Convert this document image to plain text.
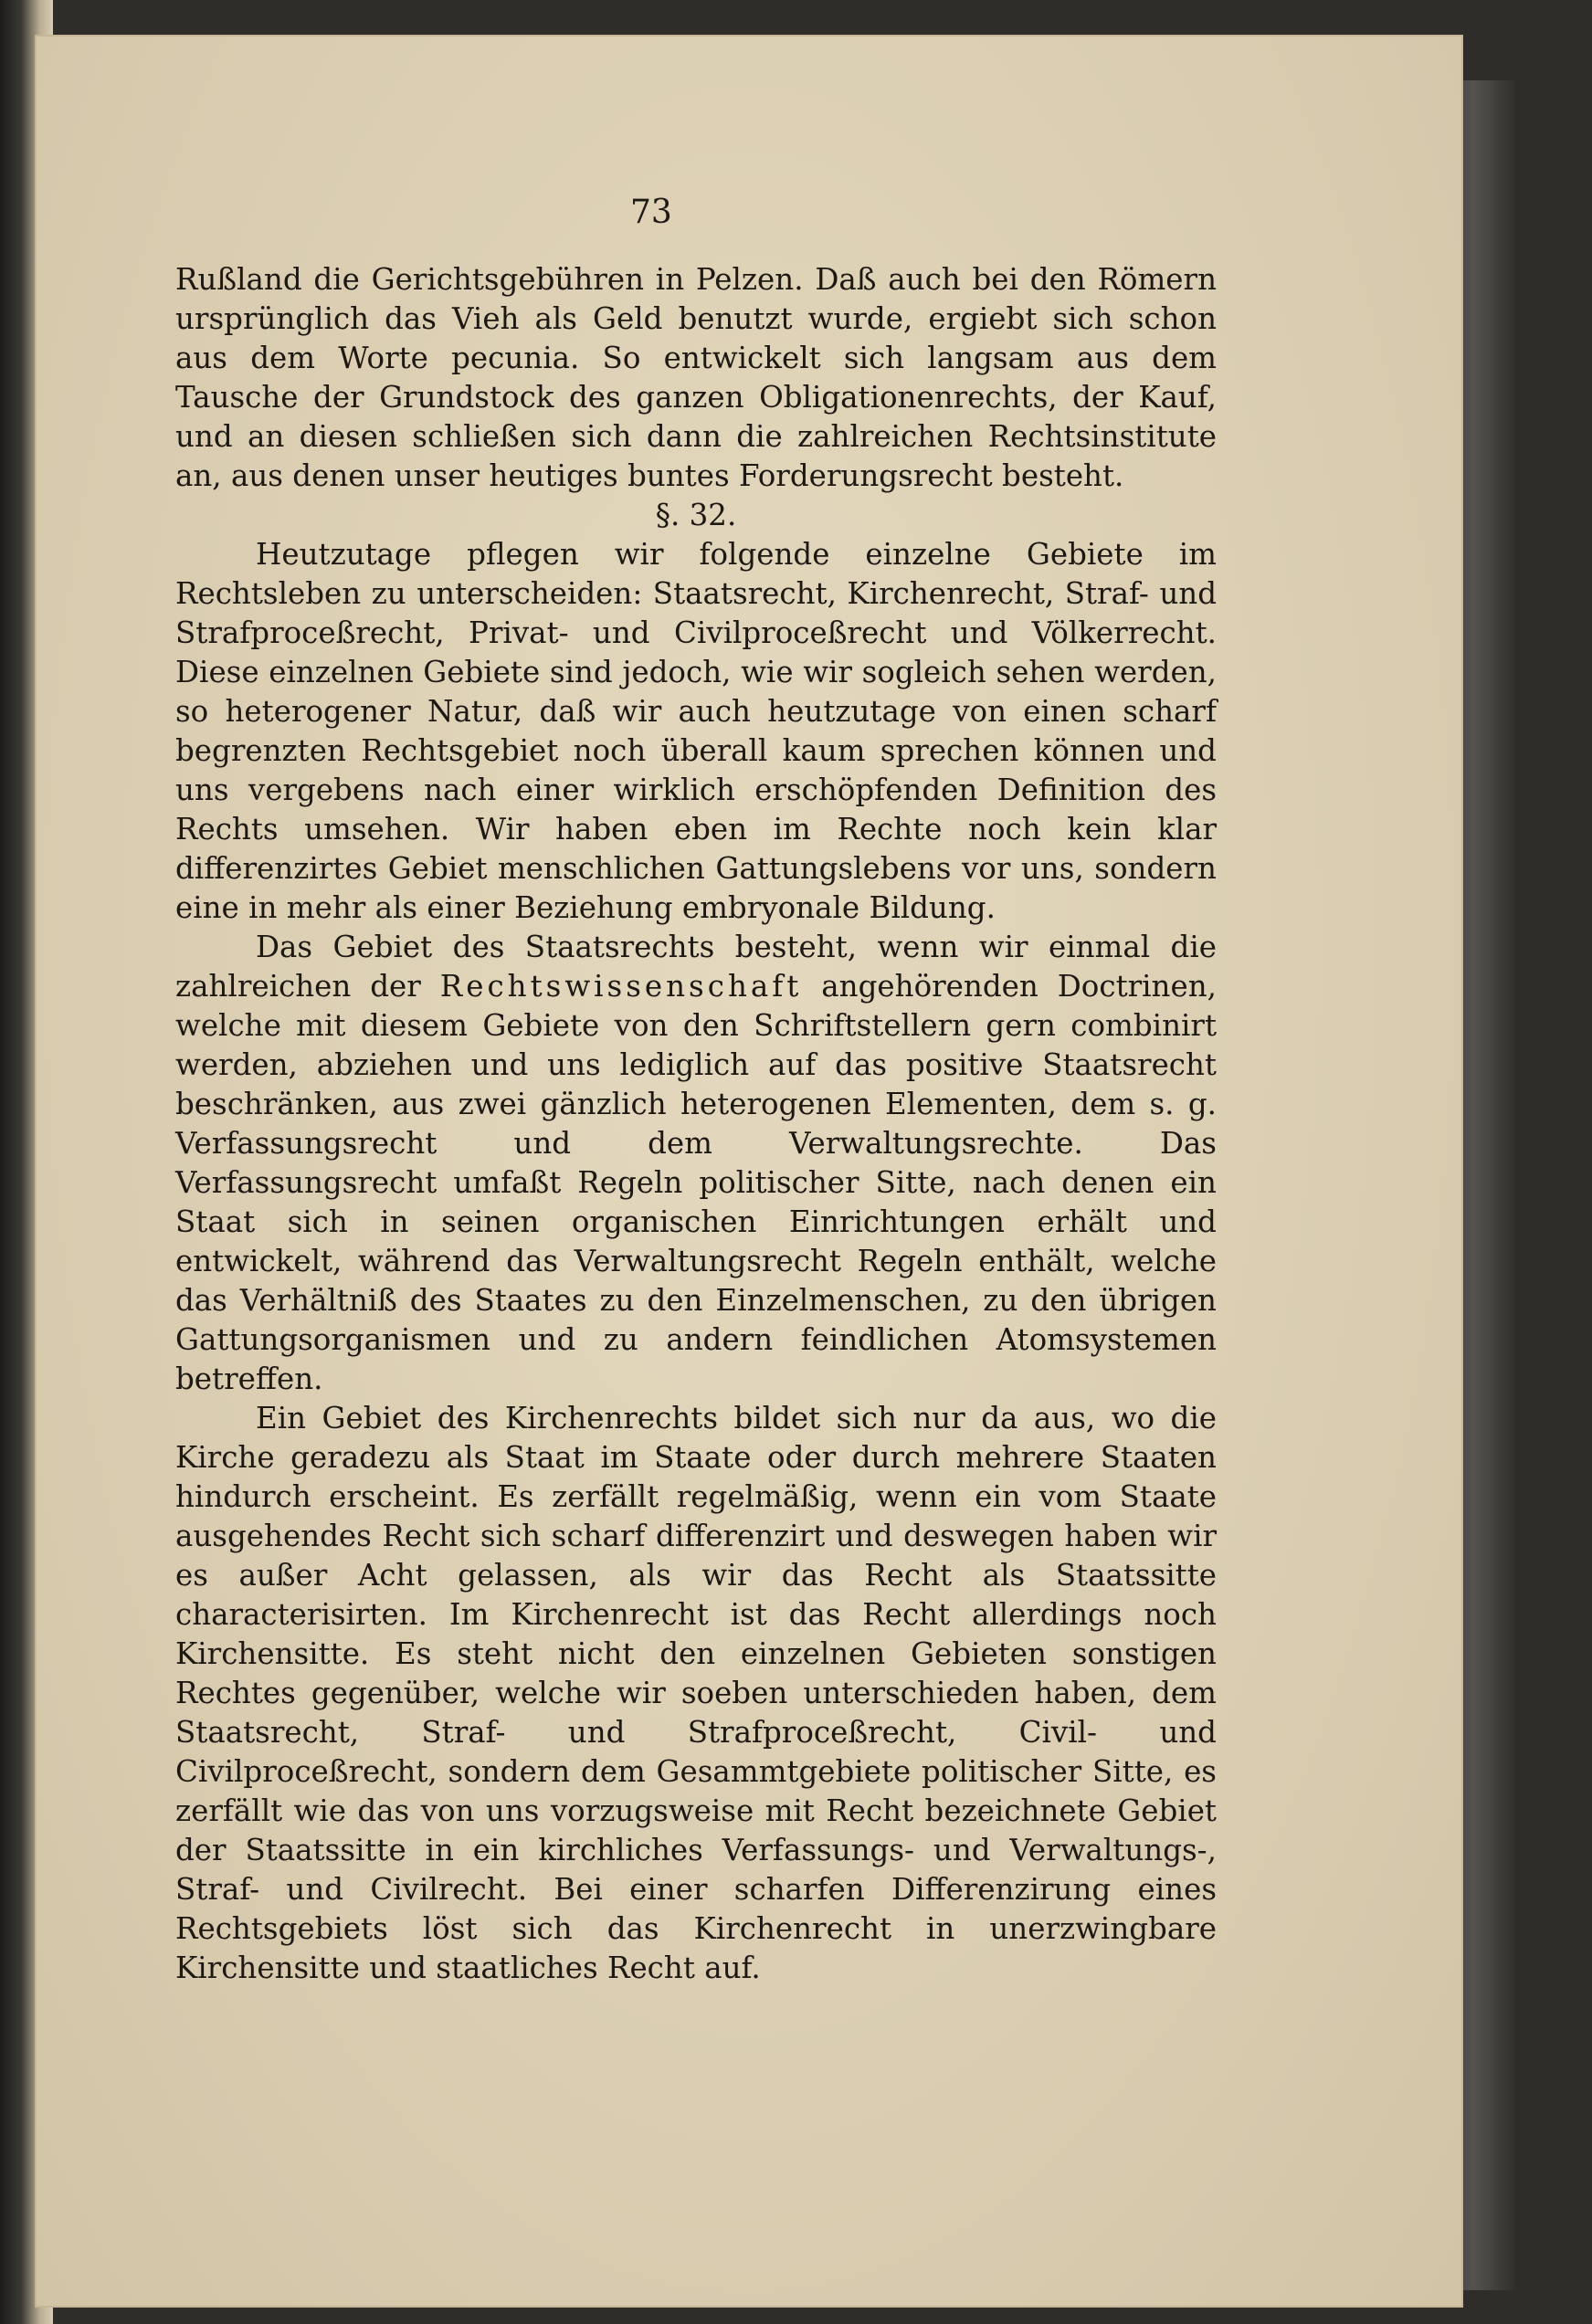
73

Rußland die Gerichtsgebühren in Pelzen. Daß auch bei den Römern ursprünglich das Vieh als Geld benutzt wurde, ergiebt sich schon aus dem Worte pecunia. So entwickelt sich langsam aus dem Tausche der Grundstock des ganzen Obligationenrechts, der Kauf, und an diesen schließen sich dann die zahlreichen Rechtsinstitute an, aus denen unser heutiges buntes Forderungsrecht besteht.

§. 32.

Heutzutage pflegen wir folgende einzelne Gebiete im Rechtsleben zu unterscheiden: Staatsrecht, Kirchenrecht, Straf- und Strafproceßrecht, Privat- und Civilproceßrecht und Völkerrecht. Diese einzelnen Gebiete sind jedoch, wie wir sogleich sehen werden, so heterogener Natur, daß wir auch heutzutage von einen scharf begrenzten Rechtsgebiet noch überall kaum sprechen können und uns vergebens nach einer wirklich erschöpfenden Definition des Rechts umsehen. Wir haben eben im Rechte noch kein klar differenzirtes Gebiet menschlichen Gattungslebens vor uns, sondern eine in mehr als einer Beziehung embryonale Bildung.

Das Gebiet des Staatsrechts besteht, wenn wir einmal die zahlreichen der Rechtswissenschaft angehörenden Doctrinen, welche mit diesem Gebiete von den Schriftstellern gern combinirt werden, abziehen und uns lediglich auf das positive Staatsrecht beschränken, aus zwei gänzlich heterogenen Elementen, dem s. g. Verfassungsrecht und dem Verwaltungsrechte. Das Verfassungsrecht umfaßt Regeln politischer Sitte, nach denen ein Staat sich in seinen organischen Einrichtungen erhält und entwickelt, während das Verwaltungsrecht Regeln enthält, welche das Verhältniß des Staates zu den Einzelmenschen, zu den übrigen Gattungsorganismen und zu andern feindlichen Atomsystemen betreffen.

Ein Gebiet des Kirchenrechts bildet sich nur da aus, wo die Kirche geradezu als Staat im Staate oder durch mehrere Staaten hindurch erscheint. Es zerfällt regelmäßig, wenn ein vom Staate ausgehendes Recht sich scharf differenzirt und deswegen haben wir es außer Acht gelassen, als wir das Recht als Staatssitte characterisirten. Im Kirchenrecht ist das Recht allerdings noch Kirchensitte. Es steht nicht den einzelnen Gebieten sonstigen Rechtes gegenüber, welche wir soeben unterschieden haben, dem Staatsrecht, Straf- und Strafproceßrecht, Civil- und Civilproceßrecht, sondern dem Gesammtgebiete politischer Sitte, es zerfällt wie das von uns vorzugsweise mit Recht bezeichnete Gebiet der Staatssitte in ein kirchliches Verfassungs- und Verwaltungs-, Straf- und Civilrecht. Bei einer scharfen Differenzirung eines Rechtsgebiets löst sich das Kirchenrecht in unerzwingbare Kirchensitte und staatliches Recht auf.
